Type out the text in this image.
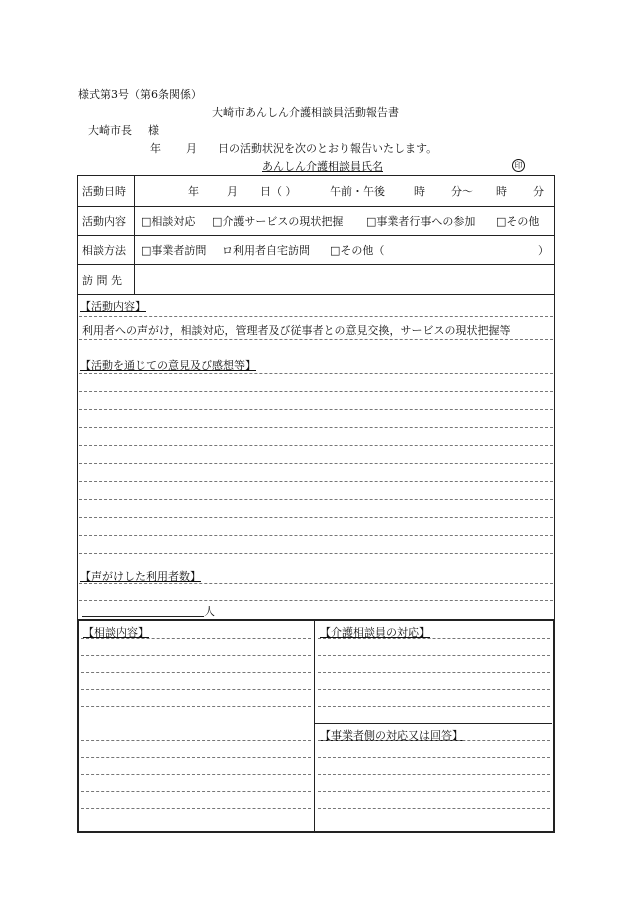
様式第3号（第6条関係）
大崎市あんしん介護相談員活動報告書
大崎市長 様
年 月 日の活動状況を次のとおり報告いたします。
あんしん介護相談員氏名	印
活動日時	年	月 日（ ）	午前・午後	時 分～ 時 分
活動内容 □相談対応 □介護サービスの現状把握 □事業者行事への参加 □その他
相談方法 □事業者訪問 ロ利用者自宅訪問 □その他（	）
訪 問 先
【活動内容】
利用者への声がけ，相談対応，管理者及び従事者との意見交換，サービスの現状把握等
【活動を通じての意見及び感想等】
【声がけした利用者数】
人
【相談内容】	【介護相談員の対応】
【事業者側の対応又は回答】
